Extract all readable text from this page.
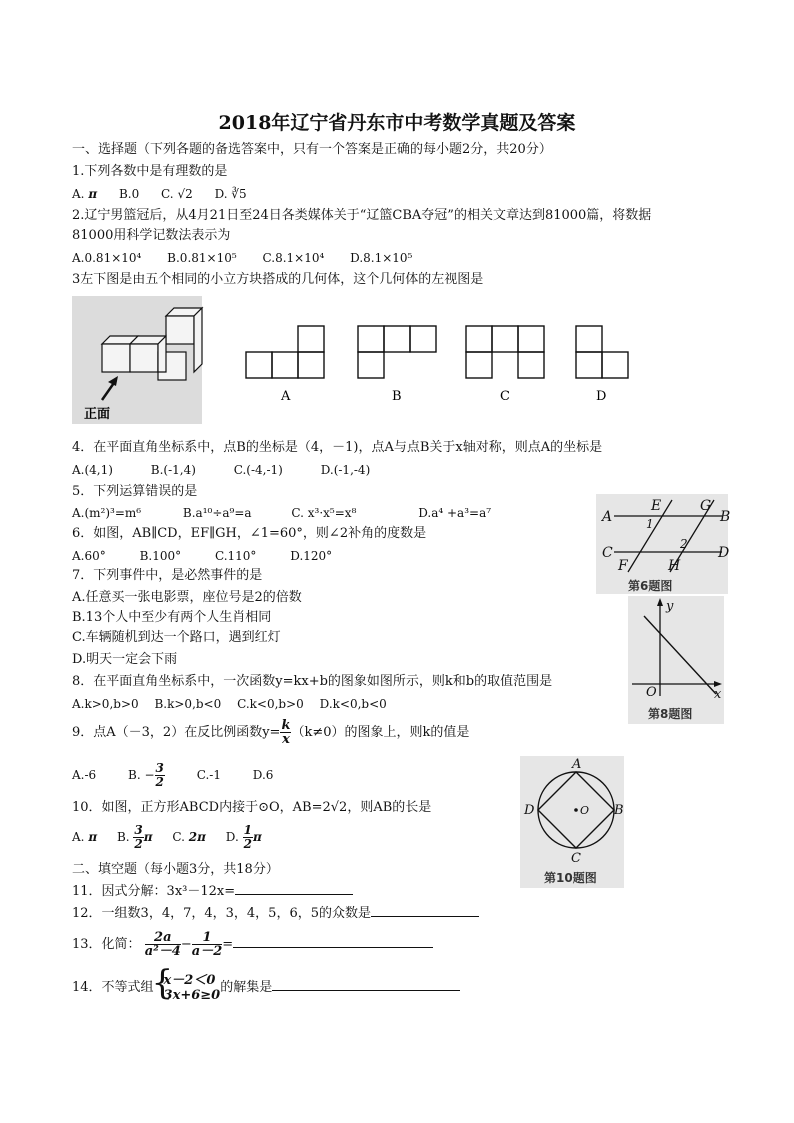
2018年辽宁省丹东市中考数学真题及答案
一、选择题（下列各题的备选答案中，只有一个答案是正确的每小题2分，共20分）
1.下列各数中是有理数的是
A. π B.0 C. √2 D. ∛5
2.辽宁男篮冠后，从4月21日至24日各类媒体关于“辽篮CBA夺冠”的相关文章达到81000篇，将数据
81000用科学记数法表示为
A.0.81×10⁴ B.0.81×10⁵ C.8.1×10⁴ D.8.1×10⁵
3左下图是由五个相同的小立方块搭成的几何体，这个几何体的左视图是
正面
A	B	C	D
4．在平面直角坐标系中，点B的坐标是（4，－1)，点A与点B关于x轴对称，则点A的坐标是
A.(4,1)	B.(-1,4)	C.(-4,-1)	D.(-1,-4)
5．下列运算错误的是
A.(m²)³=m⁶	B.a¹⁰÷a⁹=a	C. x³·x⁵=x⁸	D.a⁴ +a³=a⁷
6．如图，AB∥CD，EF∥GH，∠1=60°，则∠2补角的度数是
A.60°	B.100°	C.110°	D.120°
A	B
C	D
E
F
G
H
1
2
第6题图
7．下列事件中，是必然事件的是
A.任意买一张电影票，座位号是2的倍数
B.13个人中至少有两个人生肖相同
C.车辆随机到达一个路口，遇到红灯
D.明天一定会下雨
y
x
O
第8题图
8．在平面直角坐标系中，一次函数y=kx+b的图象如图所示，则k和b的取值范围是
A.k>0,b>0 B.k>0,b<0 C.k<0,b>0 D.k<0,b<0
9．点A（－3，2）在反比例函数$y= \frac{k}{x} (k\ne 0)$的图象上，则k的值是
A.-6	B. − $\frac{3}{2}$	C.-1	D.6
A
B
C
D	O
第10题图
10．如图，正方形ABCD内接于⊙O，AB=2√2，则AB的长是
A. π B. $\frac{3}{2}$ π C. 2π D. $\frac{1}{2}$ π
二、填空题（每小题3分，共18分）
11．因式分解：3x³－12x=
12．一组数3，4，7，4，3，4，5，6，5的众数是
13．化简： $\frac{2a}{\text{a²－4}} - \frac{1}{a-2}$ =
14．不等式组
{ x－2＜0
3x+6≥0 的解集是
